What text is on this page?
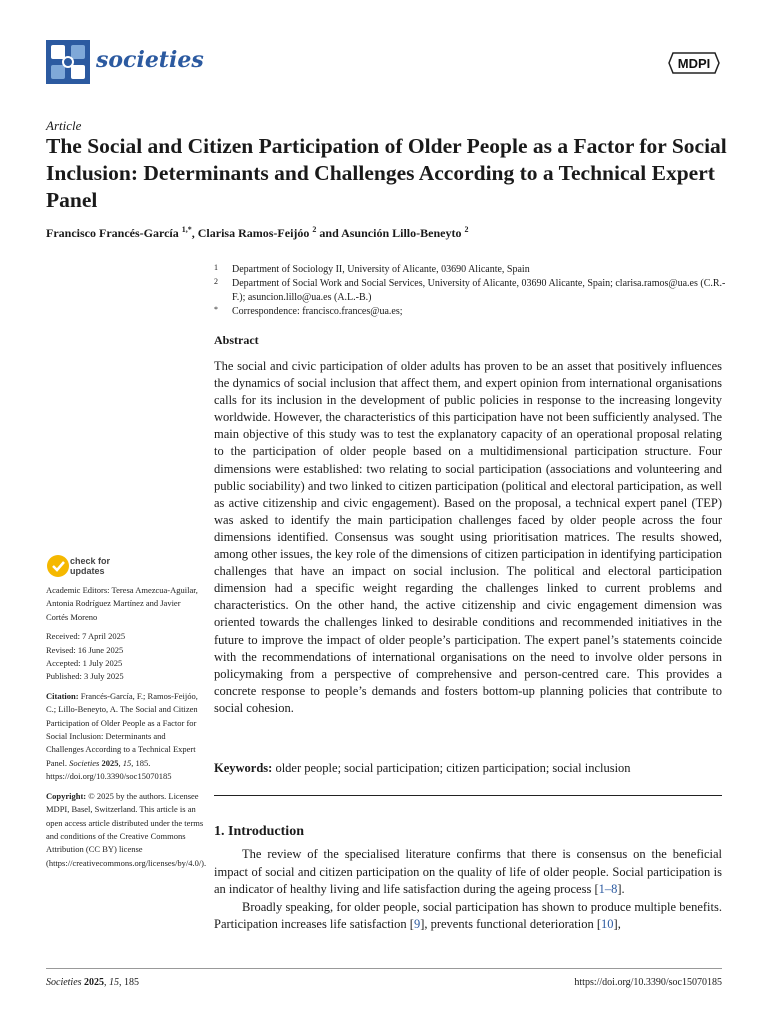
societies	MDPI
Article
The Social and Citizen Participation of Older People as a Factor for Social Inclusion: Determinants and Challenges According to a Technical Expert Panel
Francisco Francés-García $^{1,*}$, Clarisa Ramos-Feijóo $^2$ and Asunción Lillo-Beneyto $^2$
1	Department of Sociology II, University of Alicante, 03690 Alicante, Spain
2	Department of Social Work and Social Services, University of Alicante, 03690 Alicante, Spain; clarisa.ramos@ua.es (C.R.-F.); asuncion.lillo@ua.es (A.L.-B.)
*	Correspondence: francisco.frances@ua.es;
Abstract
The social and civic participation of older adults has proven to be an asset that positively influences the dynamics of social inclusion that affect them, and expert opinion from international organisations calls for its inclusion in the development of public policies in response to the increasing longevity worldwide. However, the characteristics of this participation have not been sufficiently analysed. The main objective of this study was to test the explanatory capacity of an operational proposal relating to the participation of older people based on a multidimensional participation structure. Four dimensions were established: two relating to social participation (associations and volunteering and public sociability) and two linked to citizen participation (political and electoral participation, as well as active citizenship and civic engagement). Based on the proposal, a technical expert panel (TEP) was asked to identify the main participation challenges faced by older people across the four dimensions identified. Consensus was sought using prioritisation matrices. The results showed, among other issues, the key role of the dimensions of citizen participation in identifying participation challenges that have an impact on social inclusion. The political and electoral participation dimension had a specific weight regarding the challenges linked to current problems and characteristics. On the other hand, the active citizenship and civic engagement dimension was oriented towards the challenges linked to desirable conditions and recommended initiatives in the future to improve the impact of older people’s participation. The expert panel’s statements coincide with the recommendations of international organisations on the need to involve older persons in policymaking from a perspective of comprehensive and person-centred care. This provides a concrete response to people’s demands and fosters bottom-up planning policies that contribute to social cohesion.
Keywords: older people; social participation; citizen participation; social inclusion
1. Introduction

The review of the specialised literature confirms that there is consensus on the beneficial impact of social and citizen participation on the quality of life of older people. Social participation is an indicator of healthy living and life satisfaction during the ageing process [1–8].

Broadly speaking, for older people, social participation has shown to produce multiple benefits. Participation increases life satisfaction [9], prevents functional deterioration [10],

check for
updates
Academic Editors: Teresa Amezcua-Aguilar, Antonia Rodríguez Martínez and Javier Cortés Moreno
Received: 7 April 2025
Revised: 16 June 2025
Accepted: 1 July 2025
Published: 3 July 2025
Citation: Francés-García, F.; Ramos-Feijóo, C.; Lillo-Beneyto, A. The Social and Citizen Participation of Older People as a Factor for Social Inclusion: Determinants and Challenges According to a Technical Expert Panel. Societies 2025, 15, 185. https://doi.org/10.3390/soc15070185
Copyright: © 2025 by the authors. Licensee MDPI, Basel, Switzerland. This article is an open access article distributed under the terms and conditions of the Creative Commons Attribution (CC BY) license (https://creativecommons.org/licenses/by/4.0/).
Societies 2025, 15, 185	https://doi.org/10.3390/soc15070185
